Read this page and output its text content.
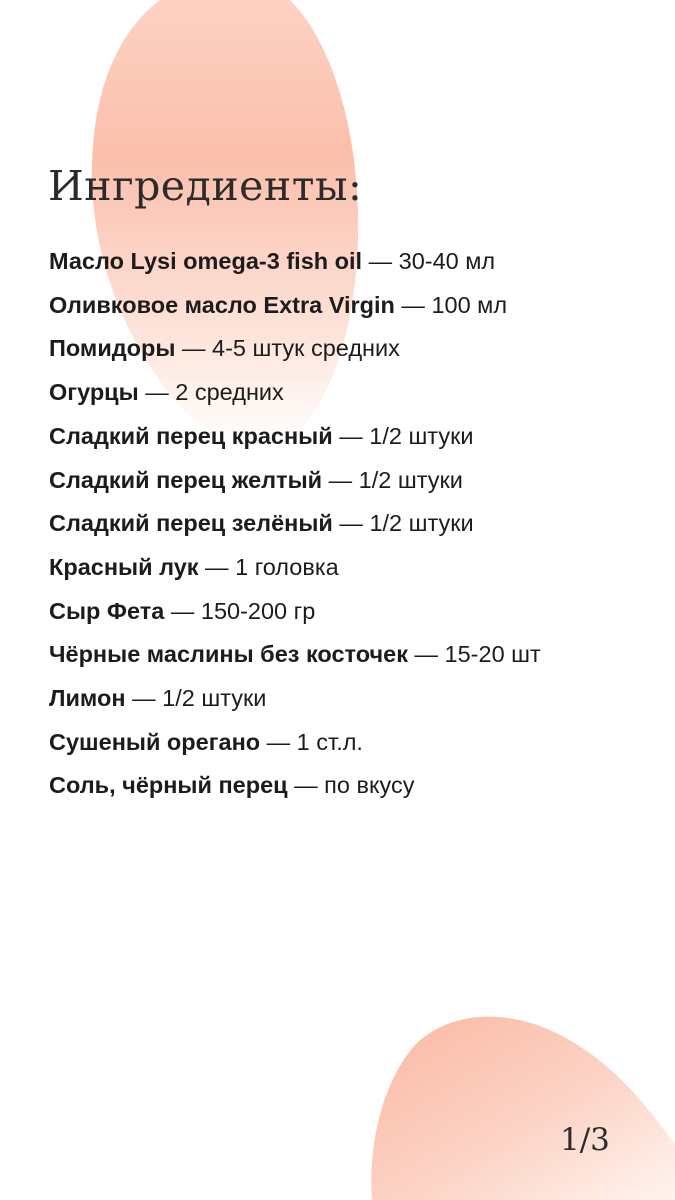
Ингредиенты:
Масло Lysi omega-3 fish oil — 30-40 мл
Оливковое масло Extra Virgin — 100 мл
Помидоры — 4-5 штук средних
Огурцы — 2 средних
Сладкий перец красный — 1/2 штуки
Сладкий перец желтый — 1/2 штуки
Сладкий перец зелёный — 1/2 штуки
Красный лук — 1 головка
Сыр Фета — 150-200 гр
Чёрные маслины без косточек — 15-20 шт
Лимон — 1/2 штуки
Сушеный орегано — 1 ст.л.
Соль, чёрный перец — по вкусу
1/3
